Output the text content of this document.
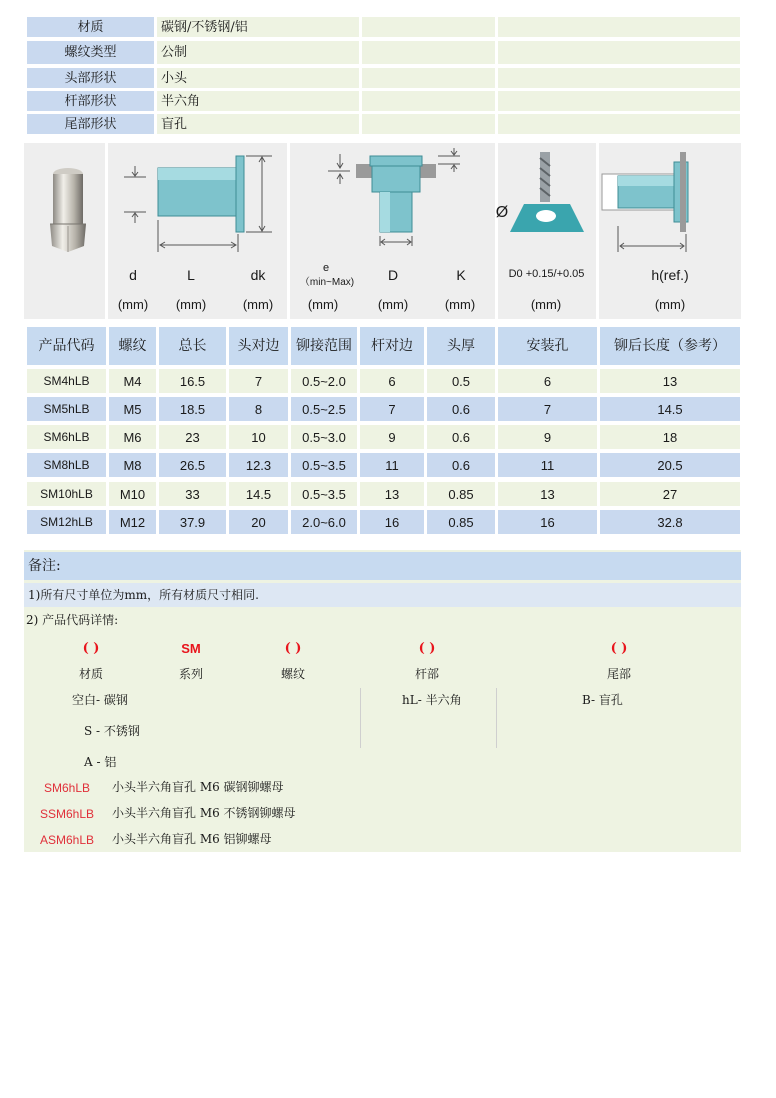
材质	碳钢/不锈钢/铝
螺纹类型	公制
头部形状	小头
杆部形状	半六角
尾部形状	盲孔
d	L	dk	e
（min~Max)	D	K	D0 +0.15/+0.05	h(ref.)
Ø
(mm)	(mm)	(mm)	(mm)	(mm)	(mm)	(mm)	(mm)
产品代码	螺纹	总长	头对边	铆接范围	杆对边	头厚	安装孔	铆后长度（参考）
SM4hLB	M4	16.5	7	0.5~2.0	6	0.5	6	13
SM5hLB	M5	18.5	8	0.5~2.5	7	0.6	7	14.5
SM6hLB	M6	23	10	0.5~3.0	9	0.6	9	18
SM8hLB	M8	26.5	12.3	0.5~3.5	11	0.6	11	20.5
SM10hLB	M10	33	14.5	0.5~3.5	13	0.85	13	27
SM12hLB	M12	37.9	20	2.0~6.0	16	0.85	16	32.8
备注:
1)所有尺寸单位为mm，所有材质尺寸相同.
2) 产品代码详情:
( )
材质
SM
系列
( )
螺纹
( )
杆部
( )
尾部
空白- 碳钢
S - 不锈钢
A - 铝
hL- 半六角	B- 盲孔
SM6hLB	小头半六角盲孔 M6 碳钢铆螺母
SSM6hLB	小头半六角盲孔 M6 不锈钢铆螺母
ASM6hLB	小头半六角盲孔 M6 铝铆螺母
